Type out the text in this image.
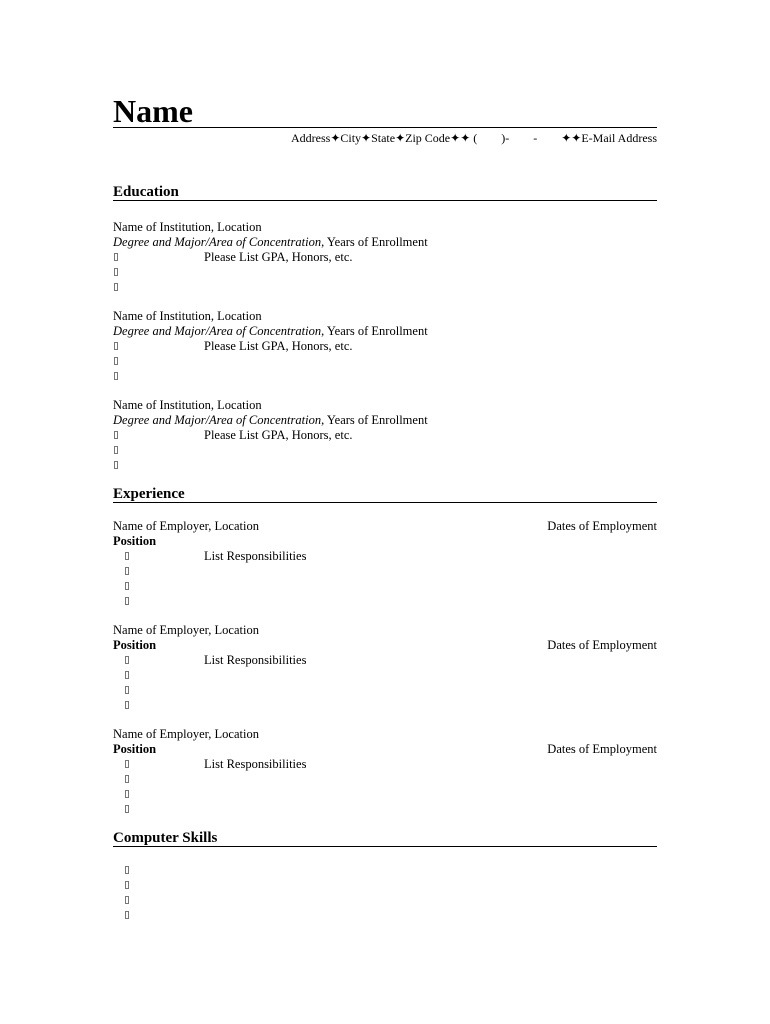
Name
Address✦City✦State✦Zip Code✦✦ (        )-        -        ✦✦E-Mail Address
Education
Name of Institution, Location
Degree and Major/Area of Concentration, Years of Enrollment
Please List GPA, Honors, etc.
Name of Institution, Location
Degree and Major/Area of Concentration, Years of Enrollment
Please List GPA, Honors, etc.
Name of Institution, Location
Degree and Major/Area of Concentration, Years of Enrollment
Please List GPA, Honors, etc.
Experience
Name of Employer, Location	Dates of Employment
Position
List Responsibilities
Name of Employer, Location
Position	Dates of Employment
List Responsibilities
Name of Employer, Location
Position	Dates of Employment
List Responsibilities
Computer Skills
